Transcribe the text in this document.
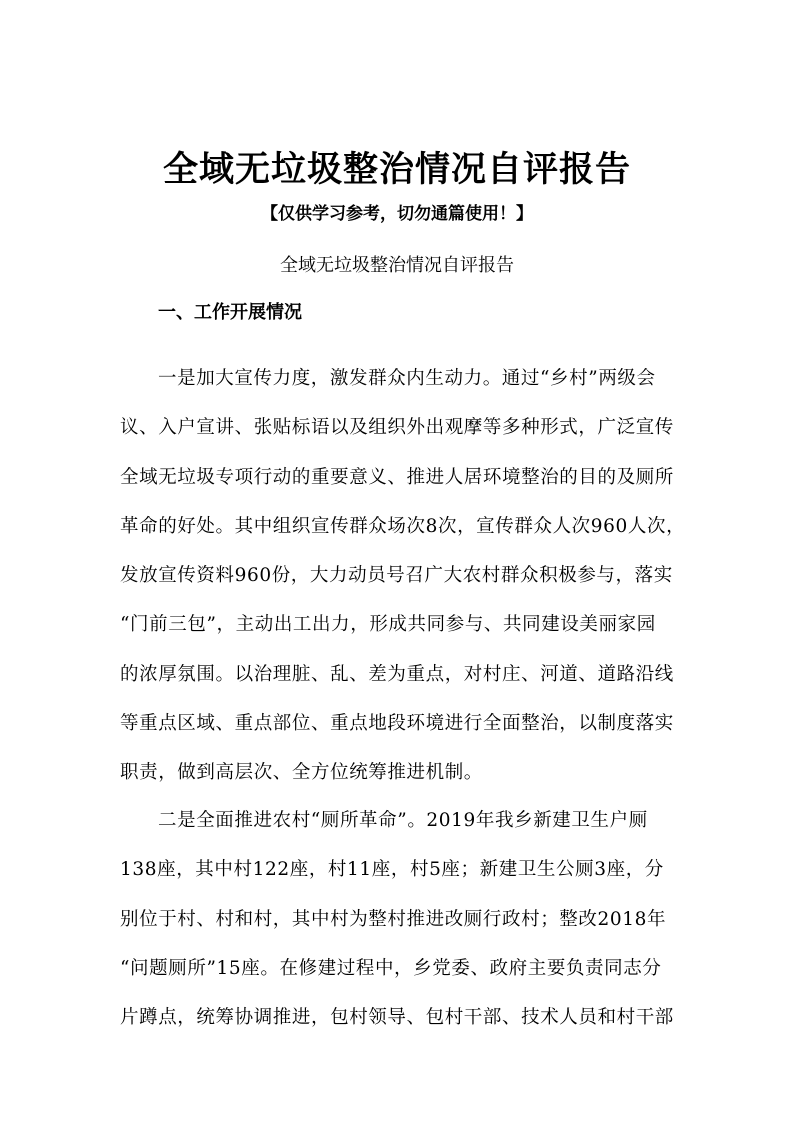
全域无垃圾整治情况自评报告
【仅供学习参考，切勿通篇使用！】
全域无垃圾整治情况自评报告
一、工作开展情况
一是加大宣传力度，激发群众内生动力。通过“乡村”两级会
议、入户宣讲、张贴标语以及组织外出观摩等多种形式，广泛宣传
全域无垃圾专项行动的重要意义、推进人居环境整治的目的及厕所
革命的好处。其中组织宣传群众场次8次，宣传群众人次960人次，
发放宣传资料960份，大力动员号召广大农村群众积极参与，落实
“门前三包”，主动出工出力，形成共同参与、共同建设美丽家园
的浓厚氛围。以治理脏、乱、差为重点，对村庄、河道、道路沿线
等重点区域、重点部位、重点地段环境进行全面整治，以制度落实
职责，做到高层次、全方位统筹推进机制。
二是全面推进农村“厕所革命”。2019年我乡新建卫生户厕
138座，其中村122座，村11座，村5座；新建卫生公厕3座，分
别位于村、村和村，其中村为整村推进改厕行政村；整改2018年
“问题厕所”15座。在修建过程中，乡党委、政府主要负责同志分
片蹲点，统筹协调推进，包村领导、包村干部、技术人员和村干部
